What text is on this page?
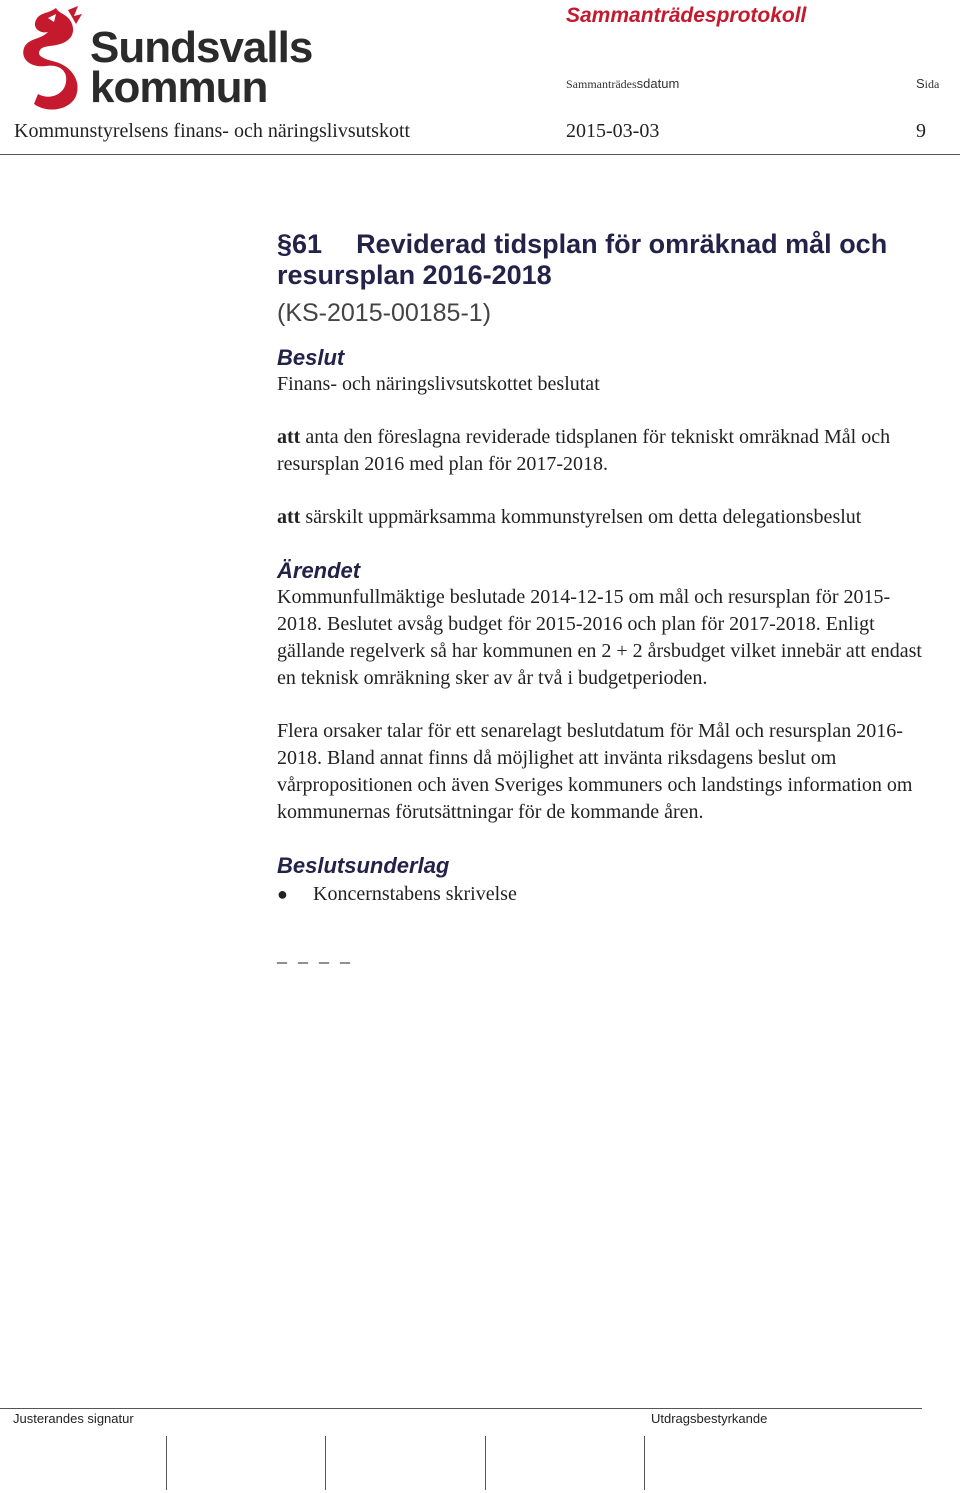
Sundsvalls
kommun
Sammanträdesprotokoll
Sammanträdessdatum	Sida
Kommunstyrelsens finans- och näringslivsutskott	2015-03-03	9
§61 Reviderad tidsplan för omräknad mål och
resursplan 2016-2018
(KS-2015-00185-1)
Beslut

Finans- och näringslivsutskottet beslutat

att anta den föreslagna reviderade tidsplanen för tekniskt omräknad Mål och resursplan 2016 med plan för 2017-2018.

att särskilt uppmärksamma kommunstyrelsen om detta delegationsbeslut

Ärendet

Kommunfullmäktige beslutade 2014-12-15 om mål och resursplan för 2015-2018. Beslutet avsåg budget för 2015-2016 och plan för 2017-2018. Enligt gällande regelverk så har kommunen en 2 + 2 årsbudget vilket innebär att endast en teknisk omräkning sker av år två i budgetperioden.

Flera orsaker talar för ett senarelagt beslutdatum för Mål och resursplan 2016-2018. Bland annat finns då möjlighet att invänta riksdagens beslut om vårpropositionen och även Sveriges kommuners och landstings information om kommunernas förutsättningar för de kommande åren.

Beslutsunderlag
●	Koncernstabens skrivelse
_ _ _ _
Justerandes signatur	Utdragsbestyrkande
